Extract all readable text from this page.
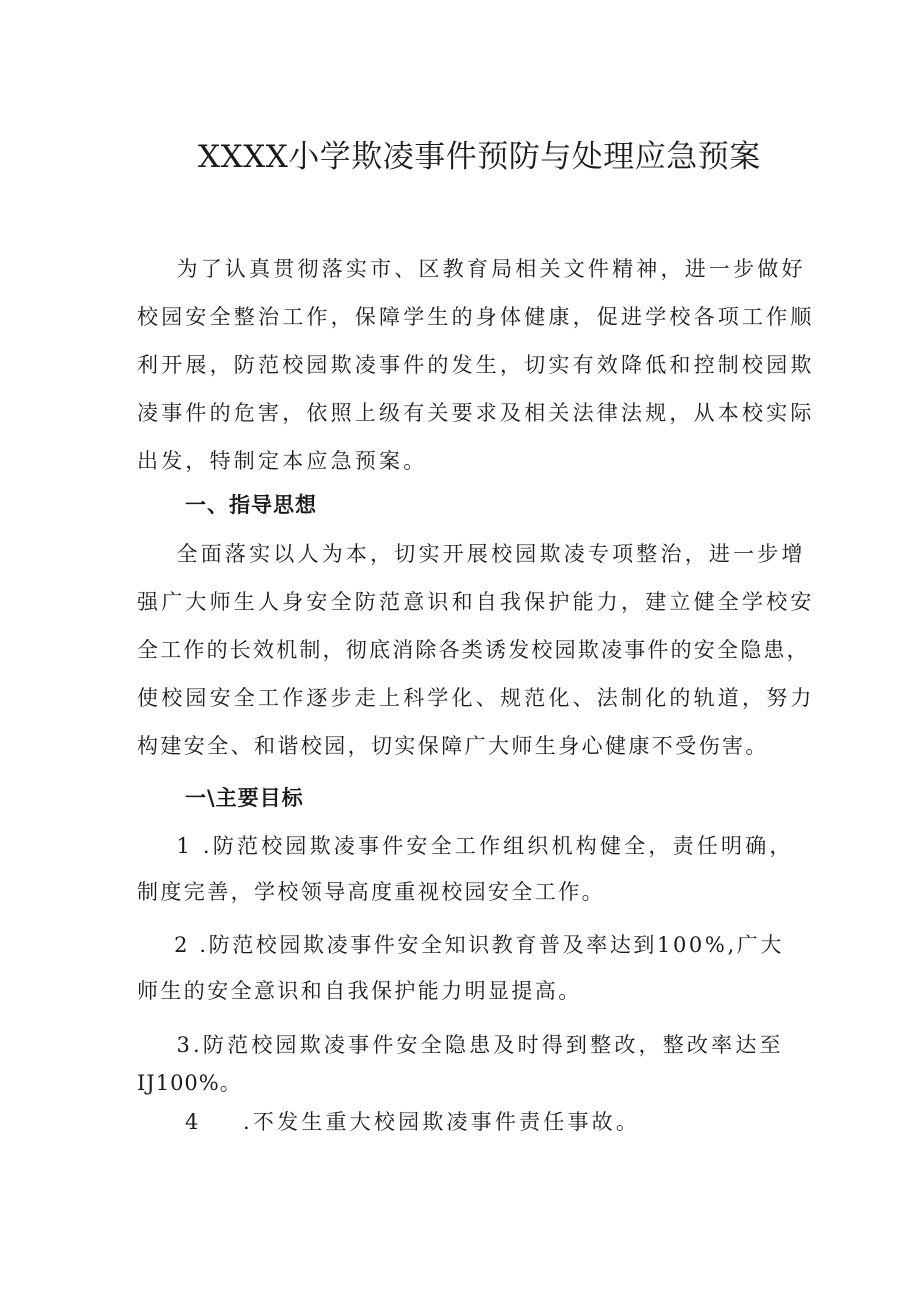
XXXX小学欺凌事件预防与处理应急预案
为了认真贯彻落实市、区教育局相关文件精神，进一步做好
校园安全整治工作，保障学生的身体健康，促进学校各项工作顺
利开展，防范校园欺凌事件的发生，切实有效降低和控制校园欺
凌事件的危害，依照上级有关要求及相关法律法规，从本校实际
出发，特制定本应急预案。
一、指导思想
全面落实以人为本，切实开展校园欺凌专项整治，进一步增
强广大师生人身安全防范意识和自我保护能力，建立健全学校安
全工作的长效机制，彻底消除各类诱发校园欺凌事件的安全隐患，
使校园安全工作逐步走上科学化、规范化、法制化的轨道，努力
构建安全、和谐校园，切实保障广大师生身心健康不受伤害。
一\主要目标
1 .防范校园欺凌事件安全工作组织机构健全，责任明确，
制度完善，学校领导高度重视校园安全工作。
2 .防范校园欺凌事件安全知识教育普及率达到100%,广大
师生的安全意识和自我保护能力明显提高。
3.防范校园欺凌事件安全隐患及时得到整改，整改率达至
IJ100%。
4 .不发生重大校园欺凌事件责任事故。
